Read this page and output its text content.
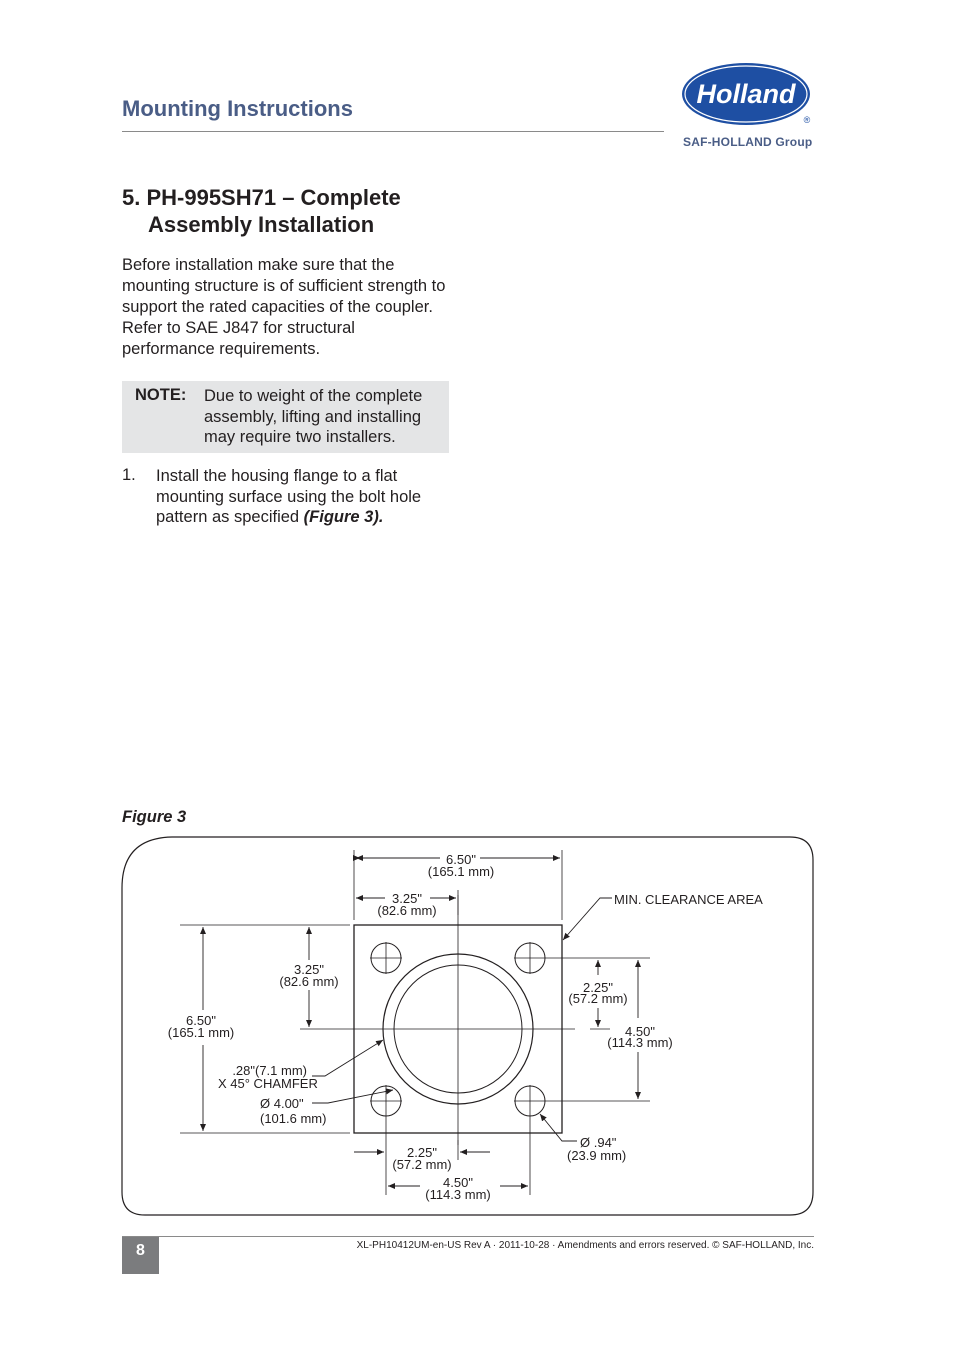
Mounting Instructions	Holland
®
SAF-HOLLAND Group
5. PH-995SH71 – Complete
Assembly Installation
Before installation make sure that the mounting structure is of sufficient strength to support the rated capacities of the coupler. Refer to SAE J847 for structural performance requirements.
NOTE: Due to weight of the complete assembly, lifting and installing may require two installers.
1. Install the housing flange to a flat mounting surface using the bolt hole pattern as specified (Figure 3).
Figure 3
6.50"
(165.1 mm)
3.25"
(82.6 mm)
MIN. CLEARANCE AREA
3.25"
(82.6 mm)
6.50"
(165.1 mm)
.28"(7.1 mm)
X 45° CHAMFER
Ø 4.00"
(101.6 mm)
2.25"
(57.2 mm)
4.50"
(114.3 mm)
Ø .94"
(23.9 mm)
2.25"
(57.2 mm)
4.50"
(114.3 mm)
8	XL-PH10412UM-en-US Rev A · 2011-10-28 · Amendments and errors reserved. © SAF-HOLLAND, Inc.
